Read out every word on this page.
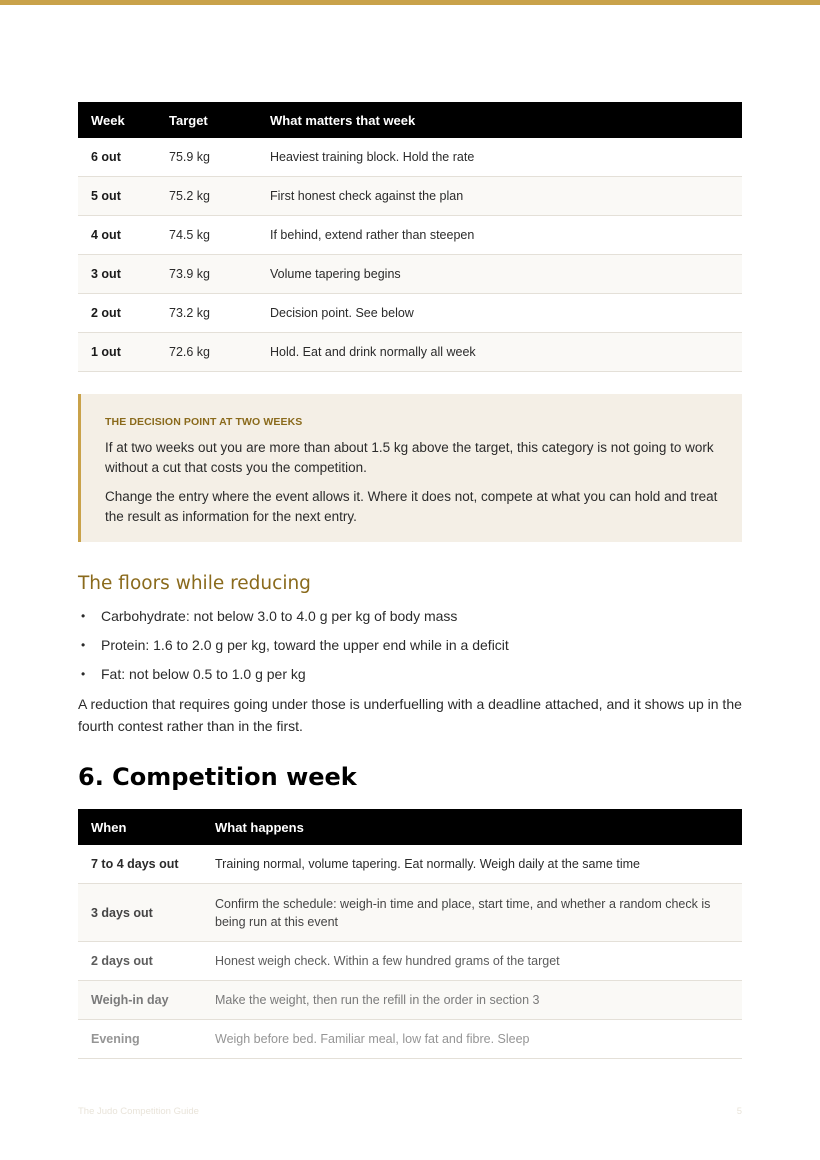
Week	Target	What matters that week
6 out	75.9 kg	Heaviest training block. Hold the rate
5 out	75.2 kg	First honest check against the plan
4 out	74.5 kg	If behind, extend rather than steepen
3 out	73.9 kg	Volume tapering begins
2 out	73.2 kg	Decision point. See below
1 out	72.6 kg	Hold. Eat and drink normally all week
THE DECISION POINT AT TWO WEEKS

If at two weeks out you are more than about 1.5 kg above the target, this category is not going to work without a cut that costs you the competition.

Change the entry where the event allows it. Where it does not, compete at what you can hold and treat the result as information for the next entry.

The floors while reducing
• Carbohydrate: not below 3.0 to 4.0 g per kg of body mass
• Protein: 1.6 to 2.0 g per kg, toward the upper end while in a deficit
• Fat: not below 0.5 to 1.0 g per kg

A reduction that requires going under those is underfuelling with a deadline attached, and it shows up in the fourth contest rather than in the first.

6. Competition week
When	What happens
7 to 4 days out	Training normal, volume tapering. Eat normally. Weigh daily at the same time
3 days out	Confirm the schedule: weigh-in time and place, start time, and whether a random check is being run at this event
2 days out	Honest weigh check. Within a few hundred grams of the target
Weigh-in day	Make the weight, then run the refill in the order in section 3
Evening	Weigh before bed. Familiar meal, low fat and fibre. Sleep
The Judo Competition Guide	5
